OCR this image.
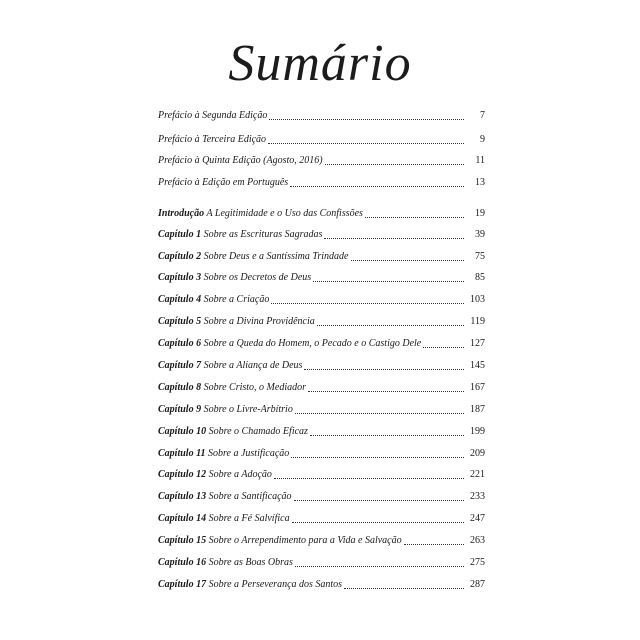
Sumário
Prefácio à Segunda Edição	7
Prefácio à Terceira Edição	9
Prefácio à Quinta Edição (Agosto, 2016)	11
Prefácio à Edição em Português	13
Introdução A Legitimidade e o Uso das Confissões	19
Capítulo 1 Sobre as Escrituras Sagradas	39
Capítulo 2 Sobre Deus e a Santíssima Trindade	75
Capítulo 3 Sobre os Decretos de Deus	85
Capítulo 4 Sobre a Criação	103
Capítulo 5 Sobre a Divina Providência	119
Capítulo 6 Sobre a Queda do Homem, o Pecado e o Castigo Dele	127
Capítulo 7 Sobre a Aliança de Deus	145
Capítulo 8 Sobre Cristo, o Mediador	167
Capítulo 9 Sobre o Livre-Arbítrio	187
Capítulo 10 Sobre o Chamado Eficaz	199
Capítulo 11 Sobre a Justificação	209
Capítulo 12 Sobre a Adoção	221
Capítulo 13 Sobre a Santificação	233
Capítulo 14 Sobre a Fé Salvífica	247
Capítulo 15 Sobre o Arrependimento para a Vida e Salvação	263
Capítulo 16 Sobre as Boas Obras	275
Capítulo 17 Sobre a Perseverança dos Santos	287
